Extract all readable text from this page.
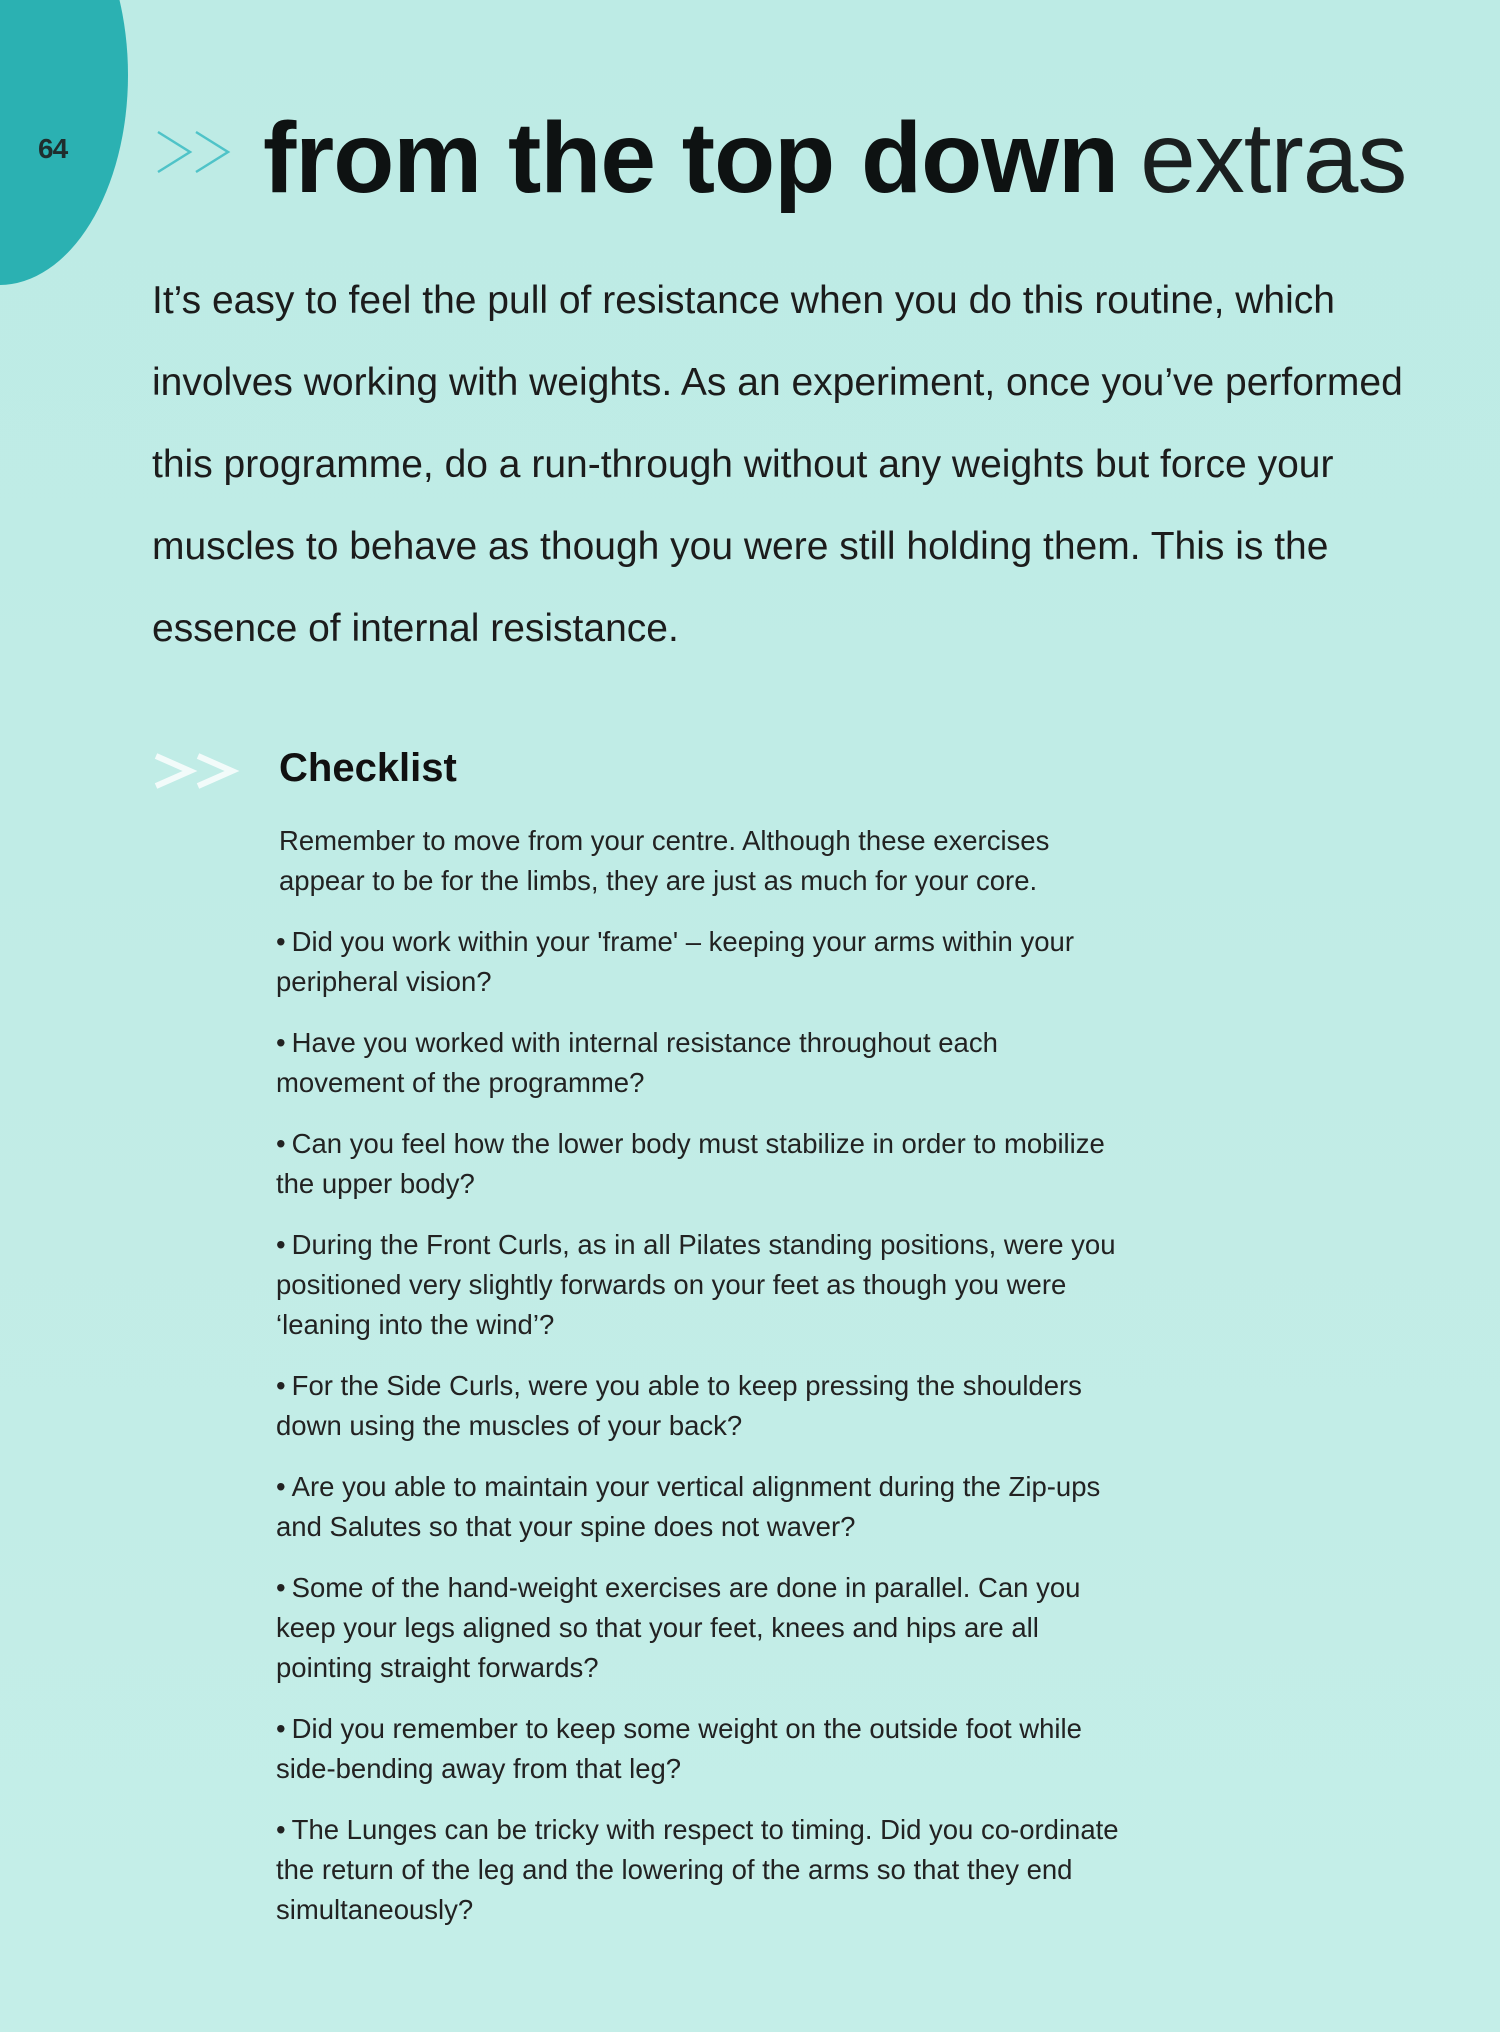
64 from the top down extras

It’s easy to feel the pull of resistance when you do this routine, which involves working with weights. As an experiment, once you’ve performed this programme, do a run-through without any weights but force your muscles to behave as though you were still holding them. This is the essence of internal resistance.

Checklist

Remember to move from your centre. Although these exercises appear to be for the limbs, they are just as much for your core.

• Did you work within your 'frame' – keeping your arms within your peripheral vision?
• Have you worked with internal resistance throughout each movement of the programme?
• Can you feel how the lower body must stabilize in order to mobilize the upper body?
• During the Front Curls, as in all Pilates standing positions, were you positioned very slightly forwards on your feet as though you were ‘leaning into the wind’?
• For the Side Curls, were you able to keep pressing the shoulders down using the muscles of your back?
• Are you able to maintain your vertical alignment during the Zip-ups and Salutes so that your spine does not waver?
• Some of the hand-weight exercises are done in parallel. Can you keep your legs aligned so that your feet, knees and hips are all pointing straight forwards?
• Did you remember to keep some weight on the outside foot while side-bending away from that leg?
• The Lunges can be tricky with respect to timing. Did you co-ordinate the return of the leg and the lowering of the arms so that they end simultaneously?
